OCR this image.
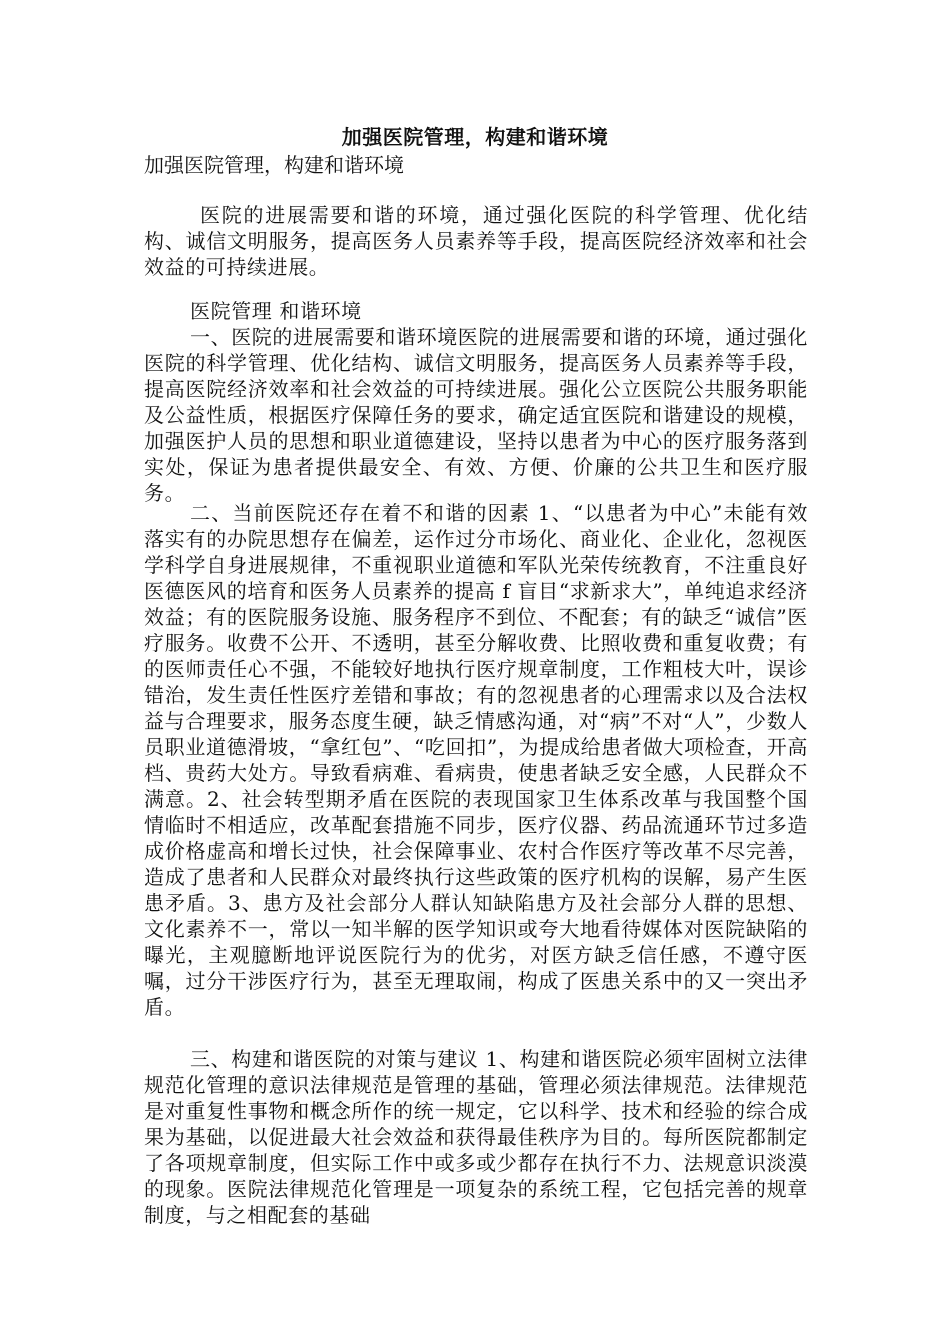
加强医院管理，构建和谐环境

加强医院管理，构建和谐环境

医院的进展需要和谐的环境，通过强化医院的科学管理、优化结构、诚信文明服务，提高医务人员素养等手段，提高医院经济效率和社会效益的可持续进展。

医院管理 和谐环境

一、医院的进展需要和谐环境医院的进展需要和谐的环境，通过强化医院的科学管理、优化结构、诚信文明服务，提高医务人员素养等手段，提高医院经济效率和社会效益的可持续进展。强化公立医院公共服务职能及公益性质，根据医疗保障任务的要求，确定适宜医院和谐建设的规模，加强医护人员的思想和职业道德建设，坚持以患者为中心的医疗服务落到实处，保证为患者提供最安全、有效、方便、价廉的公共卫生和医疗服务。

二、当前医院还存在着不和谐的因素 1、“以患者为中心”未能有效落实有的办院思想存在偏差，运作过分市场化、商业化、企业化，忽视医学科学自身进展规律，不重视职业道德和军队光荣传统教育，不注重良好医德医风的培育和医务人员素养的提高 f 盲目“求新求大”，单纯追求经济效益；有的医院服务设施、服务程序不到位、不配套；有的缺乏“诚信”医疗服务。收费不公开、不透明，甚至分解收费、比照收费和重复收费；有的医师责任心不强，不能较好地执行医疗规章制度，工作粗枝大叶，误诊错治，发生责任性医疗差错和事故；有的忽视患者的心理需求以及合法权益与合理要求，服务态度生硬，缺乏情感沟通，对“病”不对“人”，少数人员职业道德滑坡，“拿红包”、“吃回扣”，为提成给患者做大项检查，开高档、贵药大处方。导致看病难、看病贵，使患者缺乏安全感，人民群众不满意。2、社会转型期矛盾在医院的表现国家卫生体系改革与我国整个国情临时不相适应，改革配套措施不同步，医疗仪器、药品流通环节过多造成价格虚高和增长过快，社会保障事业、农村合作医疗等改革不尽完善，造成了患者和人民群众对最终执行这些政策的医疗机构的误解，易产生医患矛盾。3、患方及社会部分人群认知缺陷患方及社会部分人群的思想、文化素养不一，常以一知半解的医学知识或夸大地看待媒体对医院缺陷的曝光，主观臆断地评说医院行为的优劣，对医方缺乏信任感，不遵守医嘱，过分干涉医疗行为，甚至无理取闹，构成了医患关系中的又一突出矛盾。

三、构建和谐医院的对策与建议 1、构建和谐医院必须牢固树立法律规范化管理的意识法律规范是管理的基础，管理必须法律规范。法律规范是对重复性事物和概念所作的统一规定，它以科学、技术和经验的综合成果为基础，以促进最大社会效益和获得最佳秩序为目的。每所医院都制定了各项规章制度，但实际工作中或多或少都存在执行不力、法规意识淡漠的现象。医院法律规范化管理是一项复杂的系统工程，它包括完善的规章制度，与之相配套的基础
